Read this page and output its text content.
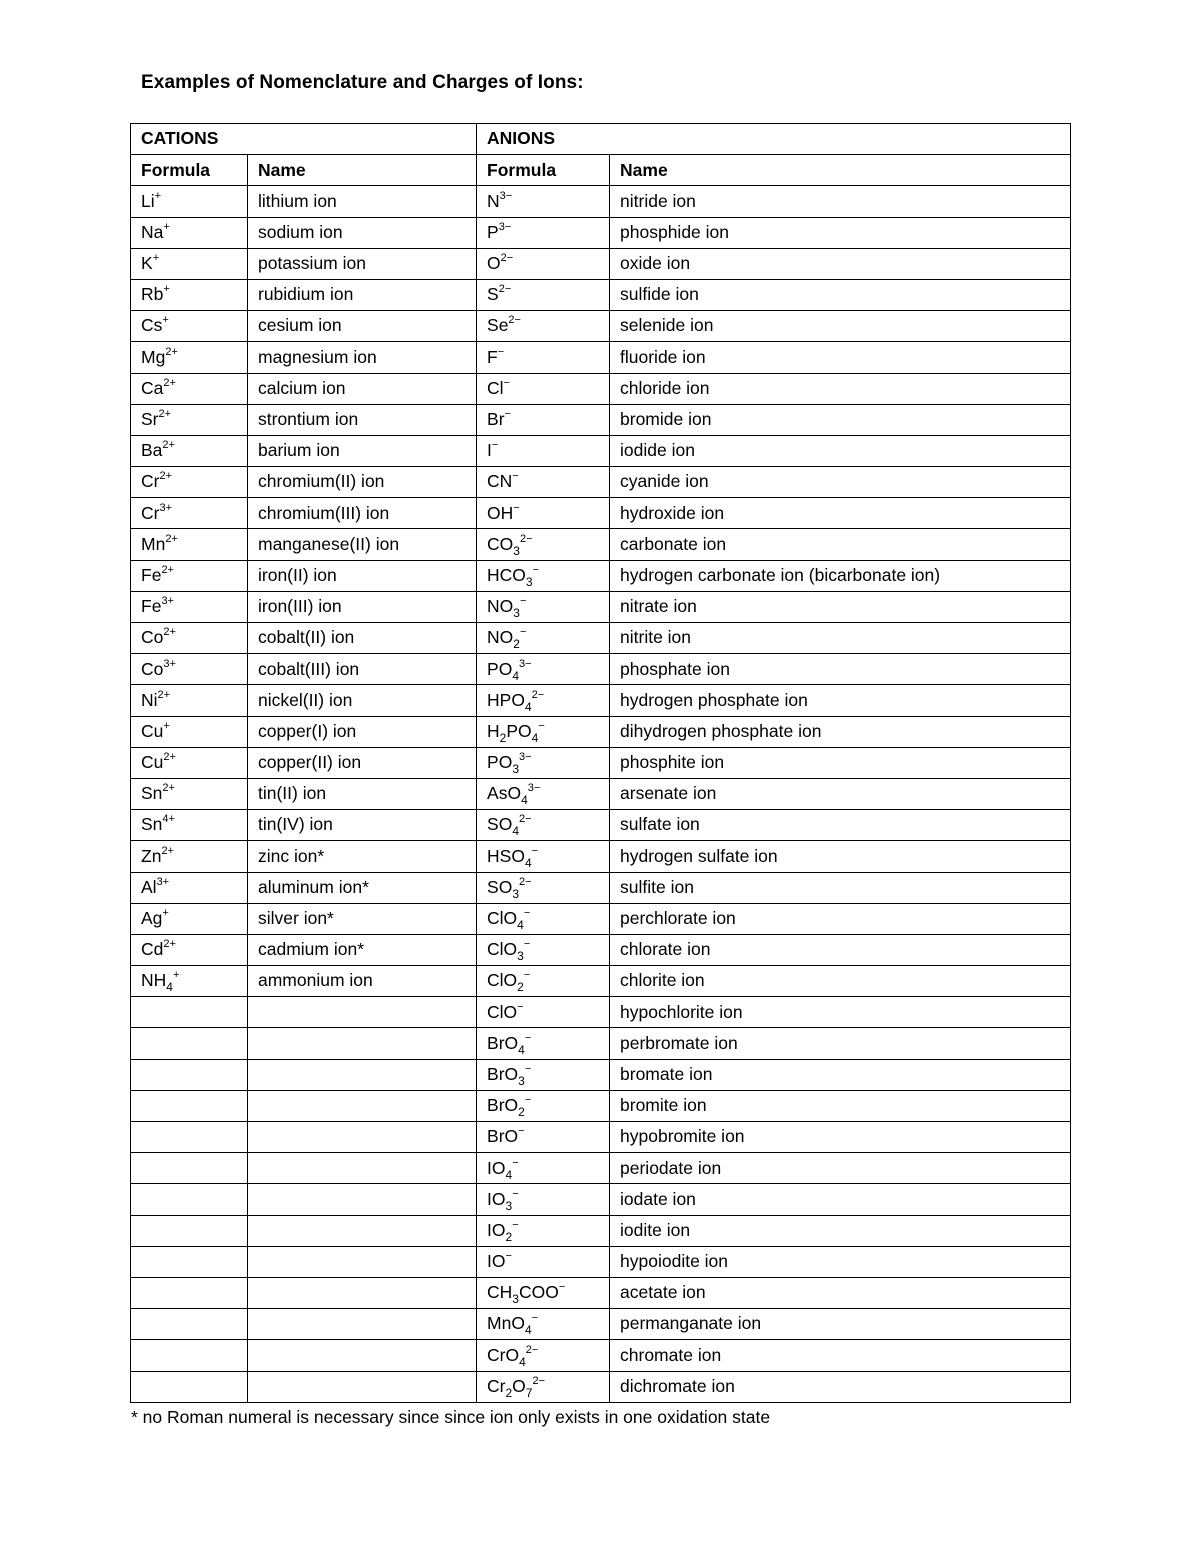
Examples of Nomenclature and Charges of Ions:
CATIONS		ANIONS	
Formula	Name	Formula	Name
Li+	lithium ion	$N^{3-}$	nitride ion
Na+	sodium ion	$P^{3-}$	phosphide ion
K+	potassium ion	$O^{2-}$	oxide ion
Rb+	rubidium ion	$S^{2-}$	sulfide ion
Cs+	cesium ion	$Se^{2-}$	selenide ion
$Mg^{2+}$	magnesium ion	F−	fluoride ion
$Ca^{2+}$	calcium ion	Cl−	chloride ion
$Sr^{2+}$	strontium ion	Br−	bromide ion
$Ba^{2+}$	barium ion	I−	iodide ion
$Cr^{2+}$	chromium(II) ion	CN−	cyanide ion
$Cr^{3+}$	chromium(III) ion	OH−	hydroxide ion
$Mn^{2+}$	manganese(II) ion	$CO_3^{2-}$	carbonate ion
$Fe^{2+}$	iron(II) ion	$HCO_3^-$	hydrogen carbonate ion (bicarbonate ion)
$Fe^{3+}$	iron(III) ion	$NO_3^-$	nitrate ion
$Co^{2+}$	cobalt(II) ion	$NO_2^-$	nitrite ion
$Co^{3+}$	cobalt(III) ion	$PO_4^{3-}$	phosphate ion
$Ni^{2+}$	nickel(II) ion	$HPO_4^{2-}$	hydrogen phosphate ion
Cu+	copper(I) ion	$H_2PO_4^-$	dihydrogen phosphate ion
$Cu^{2+}$	copper(II) ion	$PO_3^{3-}$	phosphite ion
$Sn^{2+}$	tin(II) ion	AsO$_4^{3-}$	arsenate ion
$Sn^{4+}$	tin(IV) ion	$SO_4^{2-}$	sulfate ion
$Zn^{2+}$	zinc ion*	$HSO_4^-$	hydrogen sulfate ion
$Al^{3+}$	aluminum ion*	$SO_3^{2-}$	sulfite ion
Ag+	silver ion*	ClO$_4$−	perchlorate ion
$Cd^{2+}$	cadmium ion*	ClO$_3$−	chlorate ion
$NH_4^+$	ammonium ion	ClO$_2$−	chlorite ion
		ClO−	hypochlorite ion
		BrO$_4$−	perbromate ion
		BrO$_3$−	bromate ion
		BrO$_2$−	bromite ion
		BrO−	hypobromite ion
		$IO_4^-$	periodate ion
		$IO_3^-$	iodate ion
		$IO_2^-$	iodite ion
		IO−	hypoiodite ion
		$CH_3COO^-$	acetate ion
		MnO$_4$−	permanganate ion
		CrO$_4^{2-}$	chromate ion
		$Cr_2O_7^{2-}$	dichromate ion
* no Roman numeral is necessary since since ion only exists in one oxidation state
